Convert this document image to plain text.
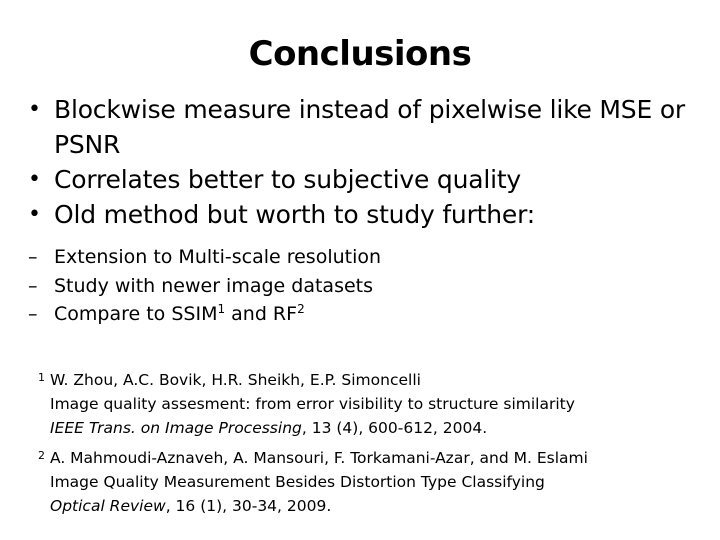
Conclusions
• Blockwise measure instead of pixelwise like MSE or PSNR
• Correlates better to subjective quality
• Old method but worth to study further:
– Extension to Multi-scale resolution
– Study with newer image datasets
– Compare to SSIM$^1$ and $RF^2$
1 W. Zhou, A.C. Bovik, H.R. Sheikh, E.P. Simoncelli
Image quality assesment: from error visibility to structure similarity
IEEE Trans. on Image Processing, 13 (4), 600-612, 2004.
2 A. Mahmoudi-Aznaveh, A. Mansouri, F. Torkamani-Azar, and M. Eslami
Image Quality Measurement Besides Distortion Type Classifying
Optical Review, 16 (1), 30-34, 2009.
